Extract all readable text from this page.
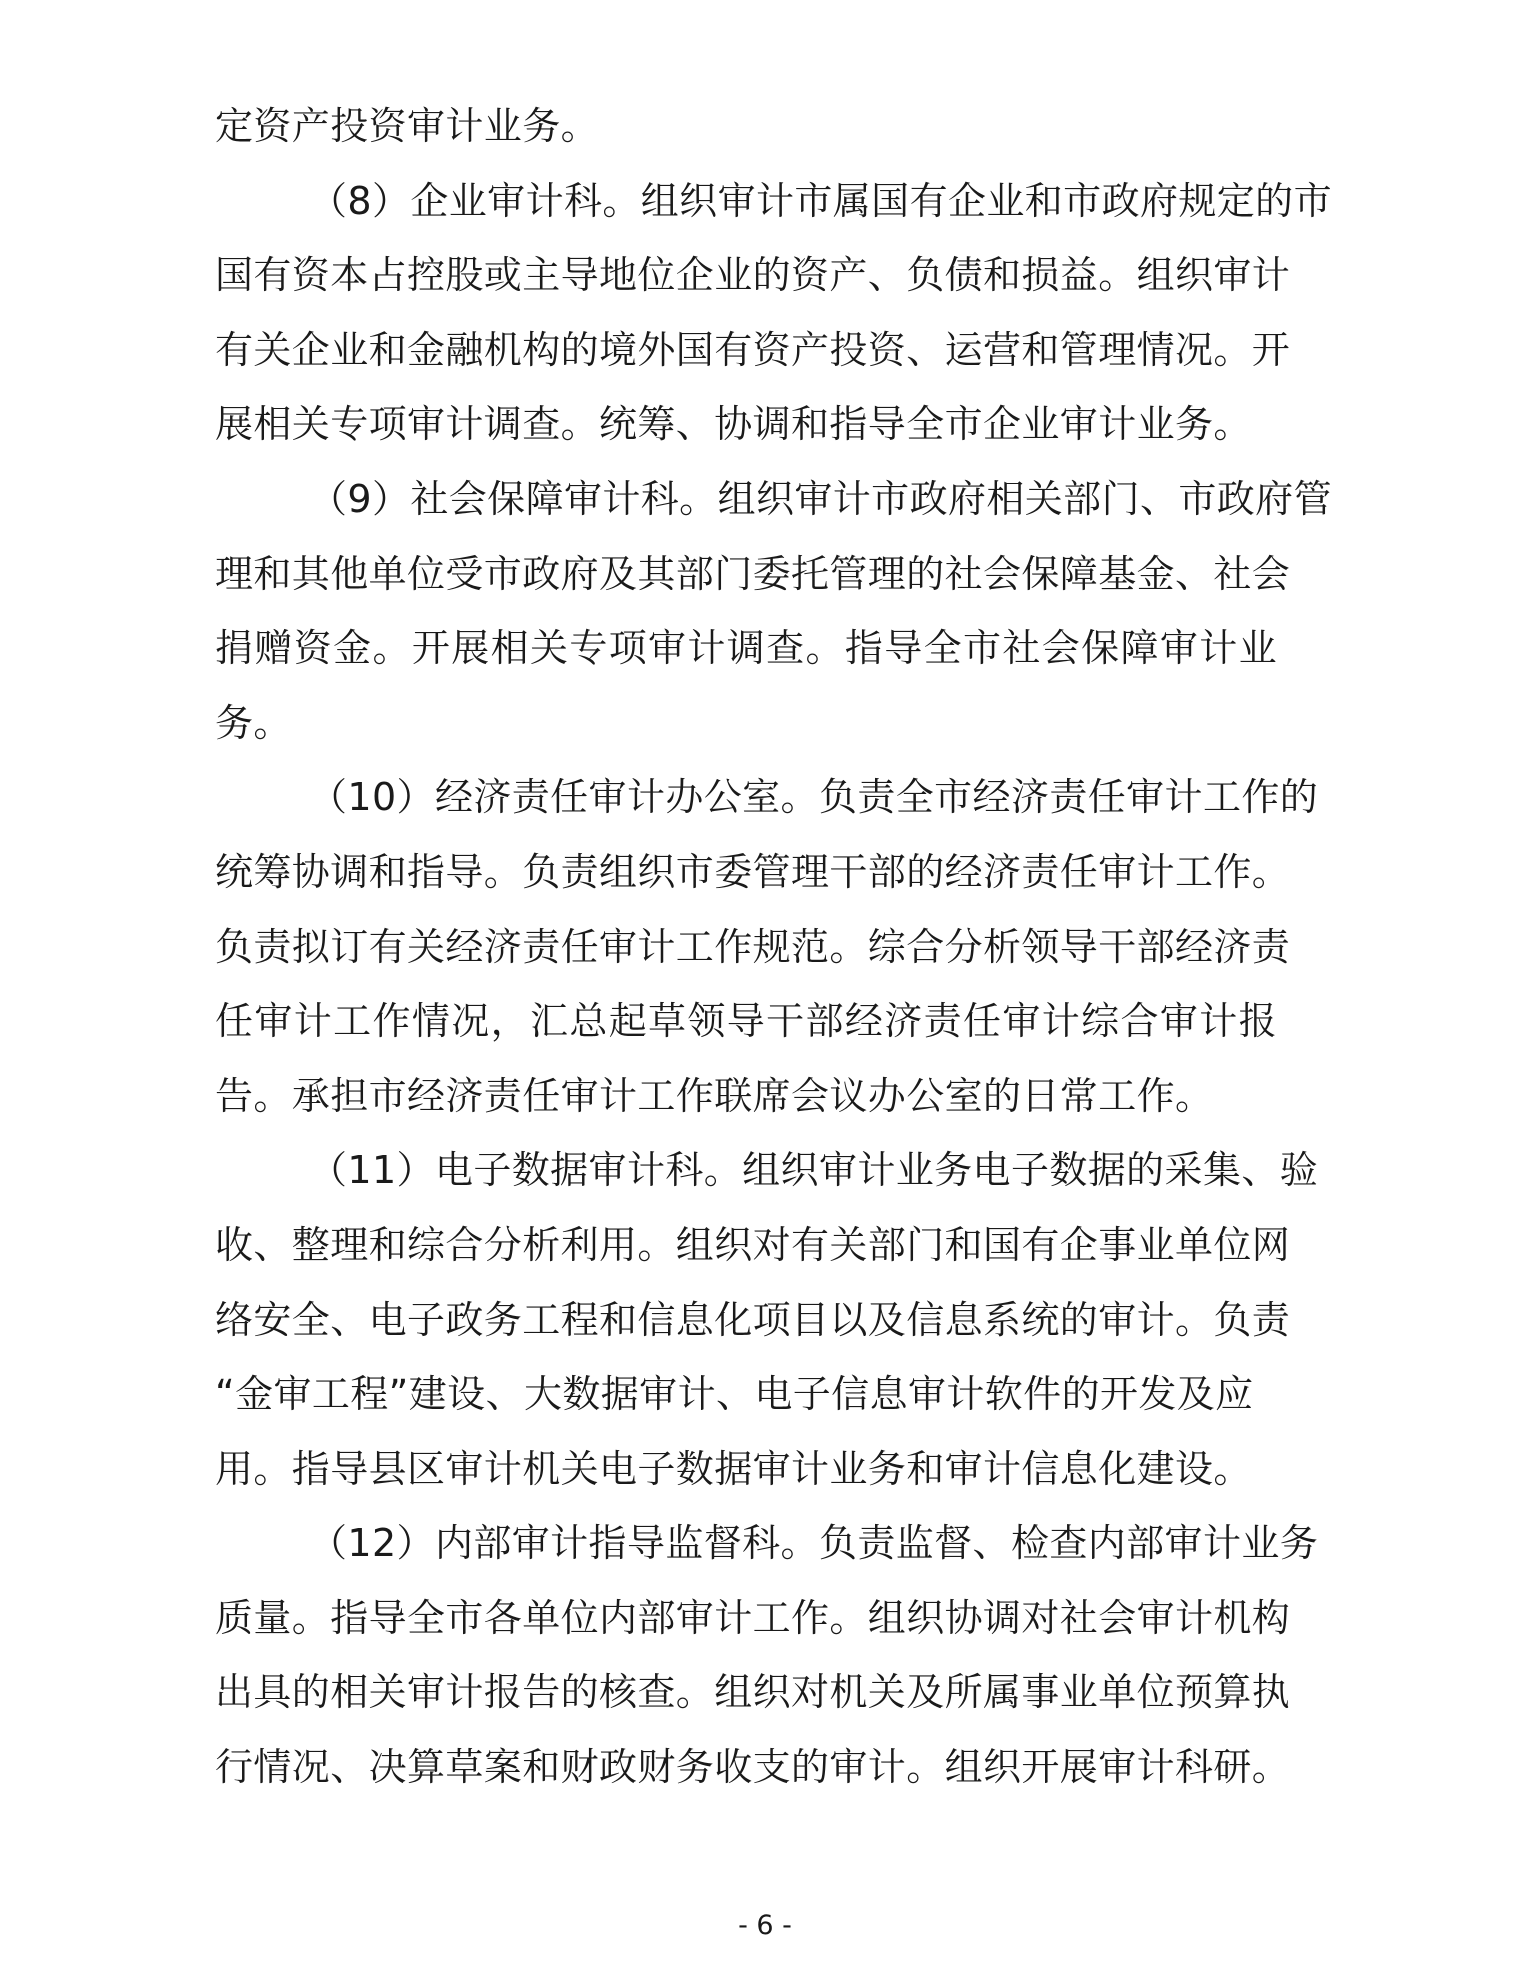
定资产投资审计业务。
（8）企业审计科。组织审计市属国有企业和市政府规定的市
国有资本占控股或主导地位企业的资产、负债和损益。组织审计
有关企业和金融机构的境外国有资产投资、运营和管理情况。开
展相关专项审计调查。统筹、协调和指导全市企业审计业务。
（9）社会保障审计科。组织审计市政府相关部门、市政府管
理和其他单位受市政府及其部门委托管理的社会保障基金、社会
捐赠资金。开展相关专项审计调查。指导全市社会保障审计业
务。
（10）经济责任审计办公室。负责全市经济责任审计工作的
统筹协调和指导。负责组织市委管理干部的经济责任审计工作。
负责拟订有关经济责任审计工作规范。综合分析领导干部经济责
任审计工作情况，汇总起草领导干部经济责任审计综合审计报
告。承担市经济责任审计工作联席会议办公室的日常工作。
（11）电子数据审计科。组织审计业务电子数据的采集、验
收、整理和综合分析利用。组织对有关部门和国有企事业单位网
络安全、电子政务工程和信息化项目以及信息系统的审计。负责
“金审工程”建设、大数据审计、电子信息审计软件的开发及应
用。指导县区审计机关电子数据审计业务和审计信息化建设。
（12）内部审计指导监督科。负责监督、检查内部审计业务
质量。指导全市各单位内部审计工作。组织协调对社会审计机构
出具的相关审计报告的核查。组织对机关及所属事业单位预算执
行情况、决算草案和财政财务收支的审计。组织开展审计科研。
- 6 -
